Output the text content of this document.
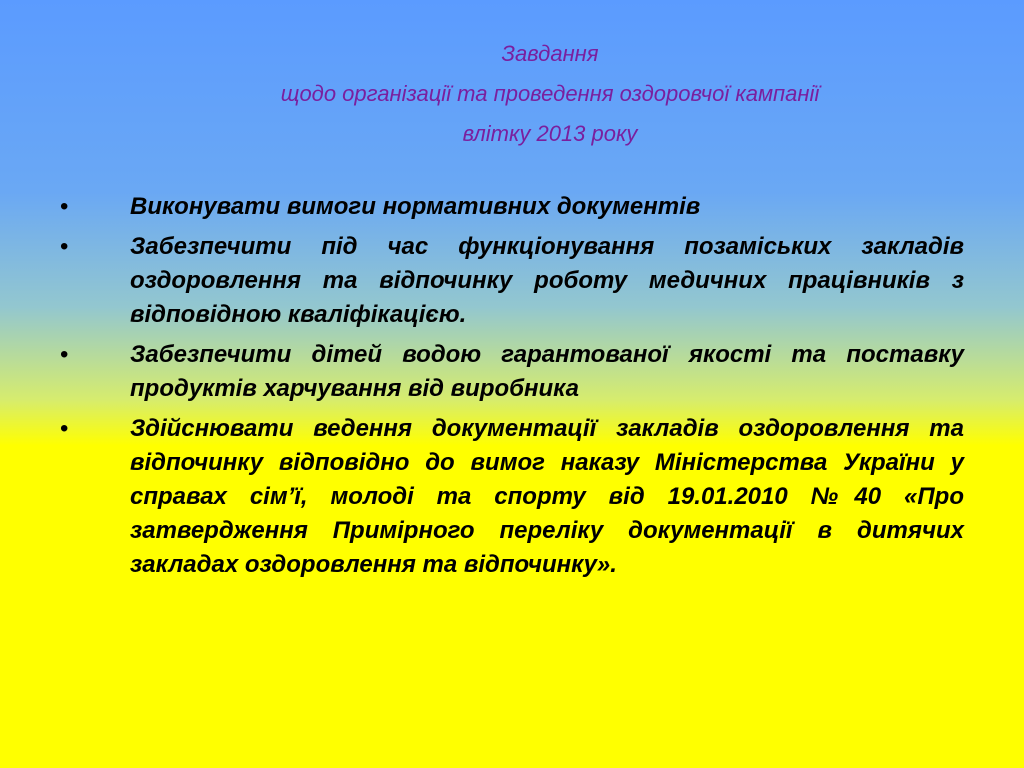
Завдання
щодо організації та проведення оздоровчої кампанії
влітку 2013 року
•	Виконувати вимоги нормативних документів
•	Забезпечити під час функціонування позаміських закладів оздоровлення та відпочинку роботу медичних працівників з відповідною кваліфікацією.
•	Забезпечити дітей водою гарантованої якості та поставку продуктів харчування від виробника
•	Здійснювати ведення документації закладів оздоровлення та відпочинку відповідно до вимог наказу Міністерства України у справах сім’ї, молоді та спорту від 19.01.2010 №40 «Про затвердження Примірного переліку документації в дитячих закладах оздоровлення та відпочинку».
